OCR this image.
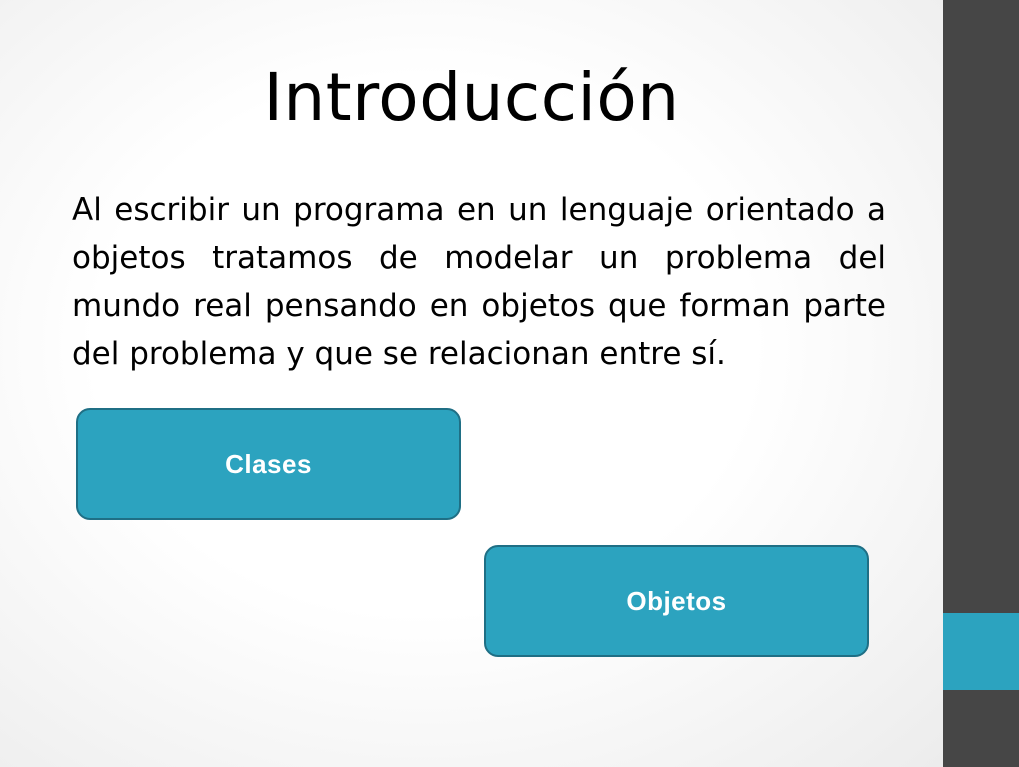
Introducción
Al escribir un programa en un lenguaje orientado a objetos tratamos de modelar un problema del mundo real pensando en objetos que forman parte del problema y que se relacionan entre sí.
Clases
Objetos
